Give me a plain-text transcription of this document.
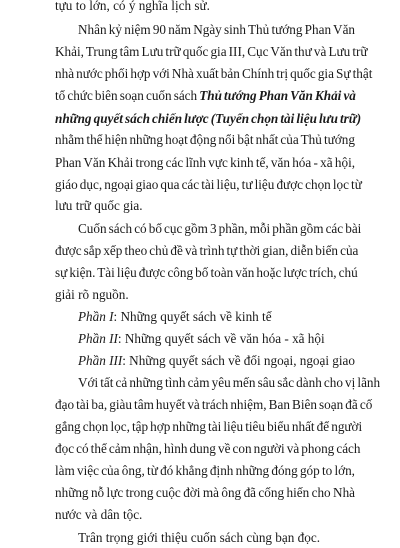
tựu to lớn, có ý nghĩa lịch sử.
Nhân kỷ niệm 90 năm Ngày sinh Thủ tướng Phan Văn
Khải, Trung tâm Lưu trữ quốc gia III, Cục Văn thư và Lưu trữ
nhà nước phối hợp với Nhà xuất bản Chính trị quốc gia Sự thật
tổ chức biên soạn cuốn sách Thủ tướng Phan Văn Khải và
những quyết sách chiến lược (Tuyển chọn tài liệu lưu trữ)
nhằm thể hiện những hoạt động nổi bật nhất của Thủ tướng
Phan Văn Khải trong các lĩnh vực kinh tế, văn hóa - xã hội,
giáo dục, ngoại giao qua các tài liệu, tư liệu được chọn lọc từ
lưu trữ quốc gia.
Cuốn sách có bố cục gồm 3 phần, mỗi phần gồm các bài
được sắp xếp theo chủ đề và trình tự thời gian, diễn biến của
sự kiện. Tài liệu được công bố toàn văn hoặc lược trích, chú
giải rõ nguồn.
Phần I: Những quyết sách về kinh tế
Phần II: Những quyết sách về văn hóa - xã hội
Phần III: Những quyết sách về đối ngoại, ngoại giao
Với tất cả những tình cảm yêu mến sâu sắc dành cho vị lãnh
đạo tài ba, giàu tâm huyết và trách nhiệm, Ban Biên soạn đã cố
gắng chọn lọc, tập hợp những tài liệu tiêu biểu nhất để người
đọc có thể cảm nhận, hình dung về con người và phong cách
làm việc của ông, từ đó khẳng định những đóng góp to lớn,
những nỗ lực trong cuộc đời mà ông đã cống hiến cho Nhà
nước và dân tộc.
Trân trọng giới thiệu cuốn sách cùng bạn đọc.
